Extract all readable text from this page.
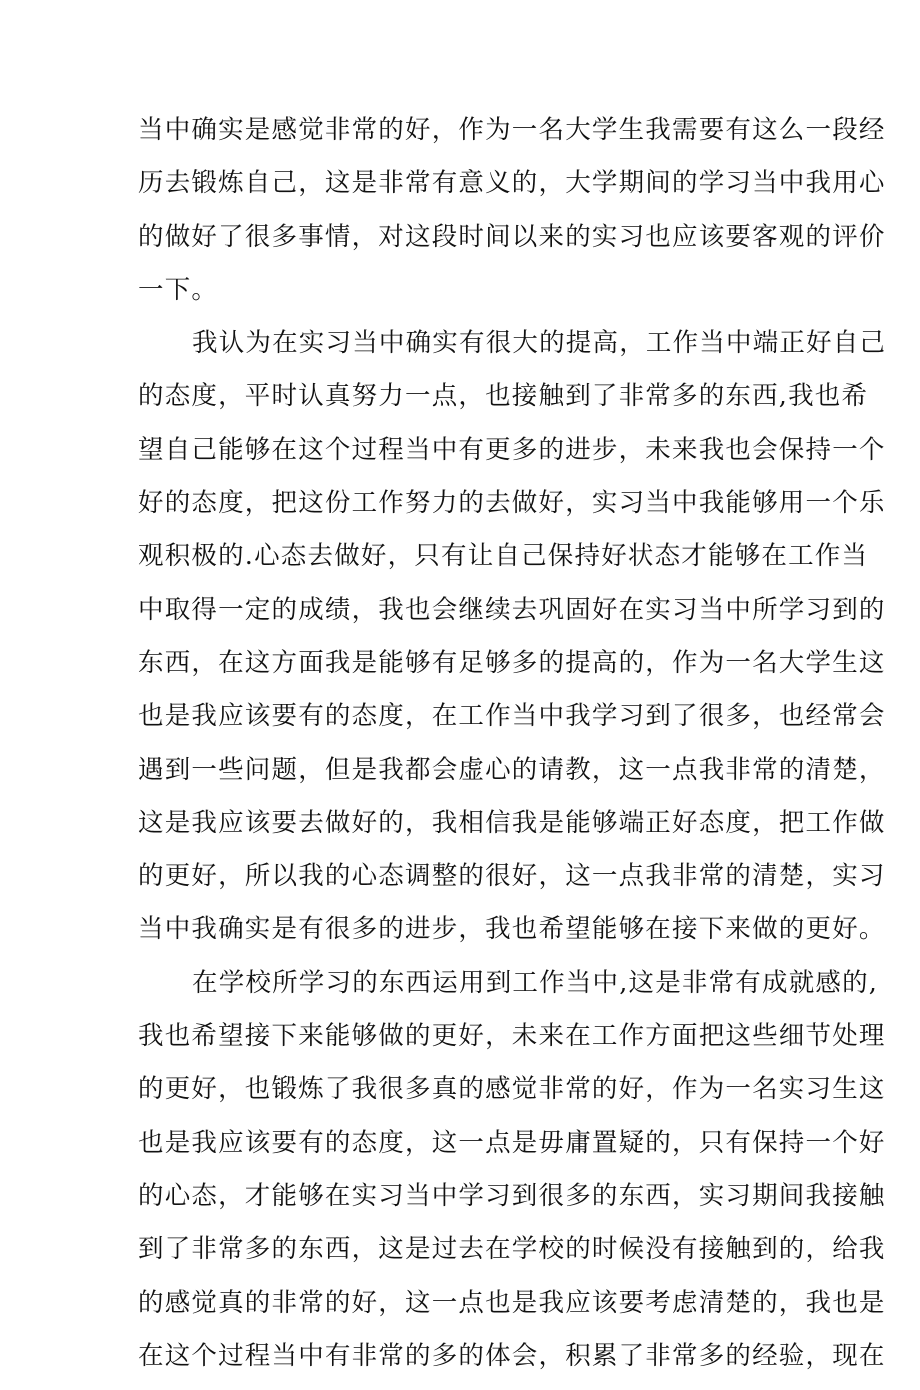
当中确实是感觉非常的好，作为一名大学生我需要有这么一段经
历去锻炼自己，这是非常有意义的，大学期间的学习当中我用心
的做好了很多事情，对这段时间以来的实习也应该要客观的评价
一下。
我认为在实习当中确实有很大的提高，工作当中端正好自己
的态度，平时认真努力一点，也接触到了非常多的东西,我也希
望自己能够在这个过程当中有更多的进步，未来我也会保持一个
好的态度，把这份工作努力的去做好，实习当中我能够用一个乐
观积极的.心态去做好，只有让自己保持好状态才能够在工作当
中取得一定的成绩，我也会继续去巩固好在实习当中所学习到的
东西，在这方面我是能够有足够多的提高的，作为一名大学生这
也是我应该要有的态度，在工作当中我学习到了很多，也经常会
遇到一些问题，但是我都会虚心的请教，这一点我非常的清楚，
这是我应该要去做好的，我相信我是能够端正好态度，把工作做
的更好，所以我的心态调整的很好，这一点我非常的清楚，实习
当中我确实是有很多的进步，我也希望能够在接下来做的更好。
在学校所学习的东西运用到工作当中,这是非常有成就感的,
我也希望接下来能够做的更好，未来在工作方面把这些细节处理
的更好，也锻炼了我很多真的感觉非常的好，作为一名实习生这
也是我应该要有的态度，这一点是毋庸置疑的，只有保持一个好
的心态，才能够在实习当中学习到很多的东西，实习期间我接触
到了非常多的东西，这是过去在学校的时候没有接触到的，给我
的感觉真的非常的好，这一点也是我应该要考虑清楚的，我也是
在这个过程当中有非常的多的体会，积累了非常多的经验，现在
